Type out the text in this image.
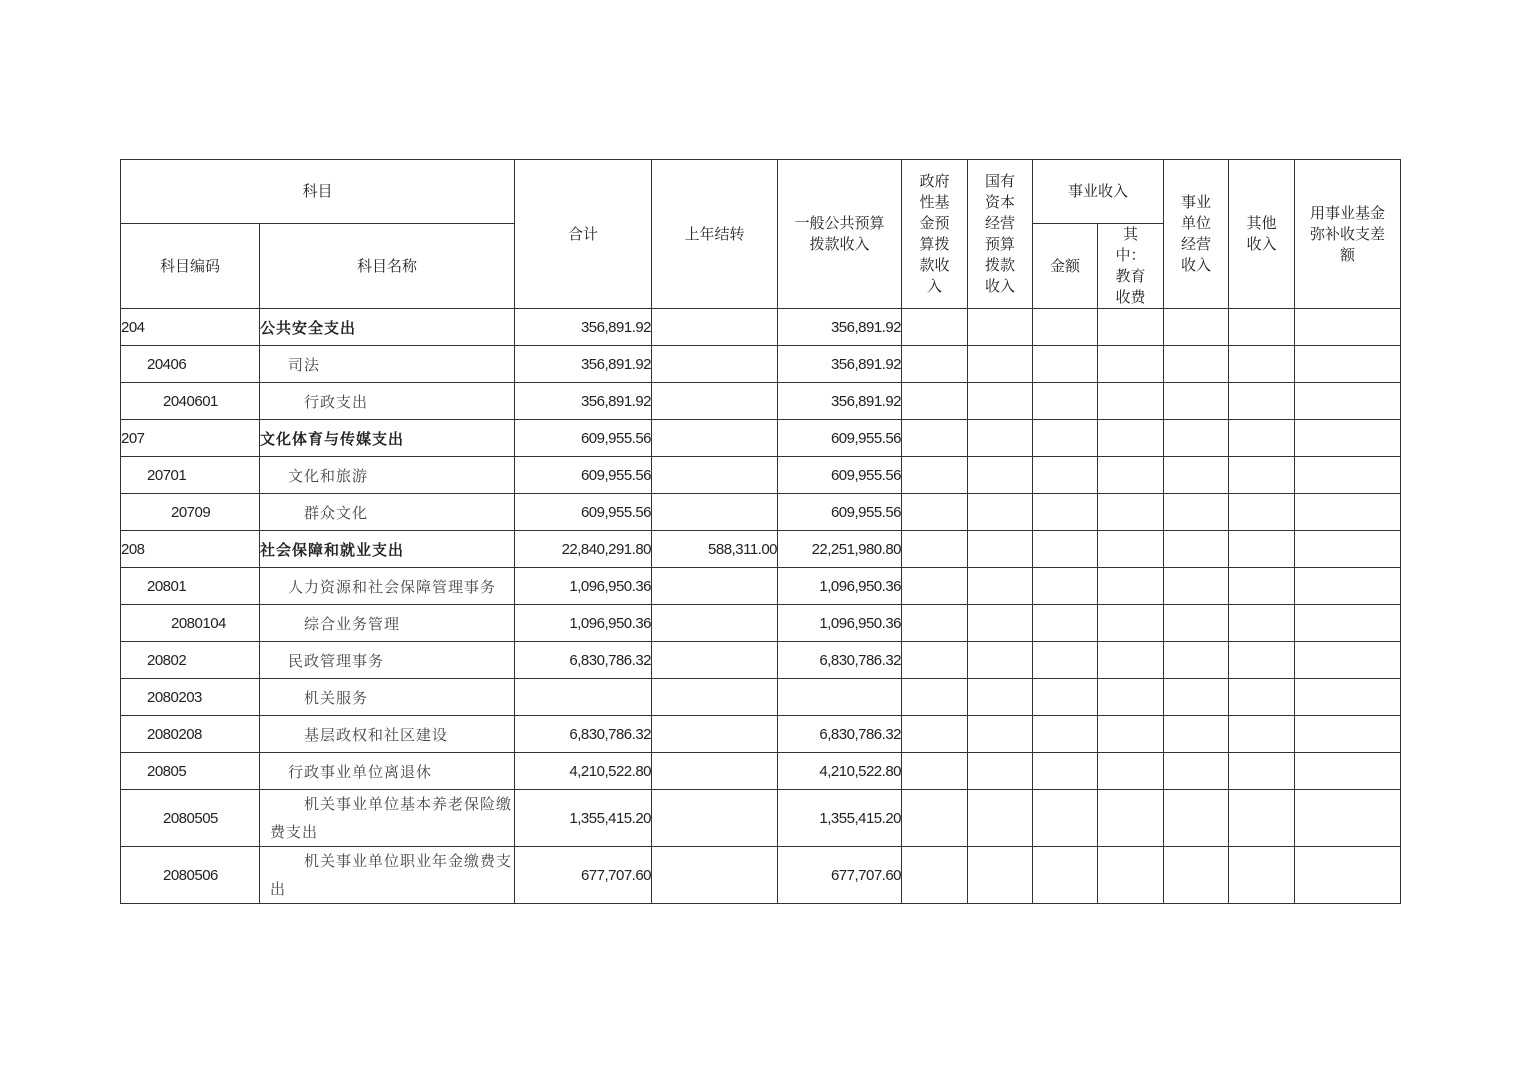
科目		合计	上年结转	一般公共预算拨款收入	政府性基金预算拨款收入	国有资本经营预算拨款收入	事业收入		事业单位经营收入	其他收入	用事业基金弥补收支差额
科目编码	科目名称						金额	其中：教育收费			
204	公共安全支出	356,891.92		356,891.92							
20406	司法	356,891.92		356,891.92							
2040601	行政支出	356,891.92		356,891.92							
207	文化体育与传媒支出	609,955.56		609,955.56							
20701	文化和旅游	609,955.56		609,955.56							
20709	群众文化	609,955.56		609,955.56							
208	社会保障和就业支出	22,840,291.80	588,311.00	22,251,980.80							
20801	人力资源和社会保障管理事务	1,096,950.36		1,096,950.36							
2080104	综合业务管理	1,096,950.36		1,096,950.36							
20802	民政管理事务	6,830,786.32		6,830,786.32							
2080203	机关服务										
2080208	基层政权和社区建设	6,830,786.32		6,830,786.32							
20805	行政事业单位离退休	4,210,522.80		4,210,522.80							
2080505	机关事业单位基本养老保险缴费支出	1,355,415.20		1,355,415.20							
2080506	机关事业单位职业年金缴费支出	677,707.60		677,707.60							
